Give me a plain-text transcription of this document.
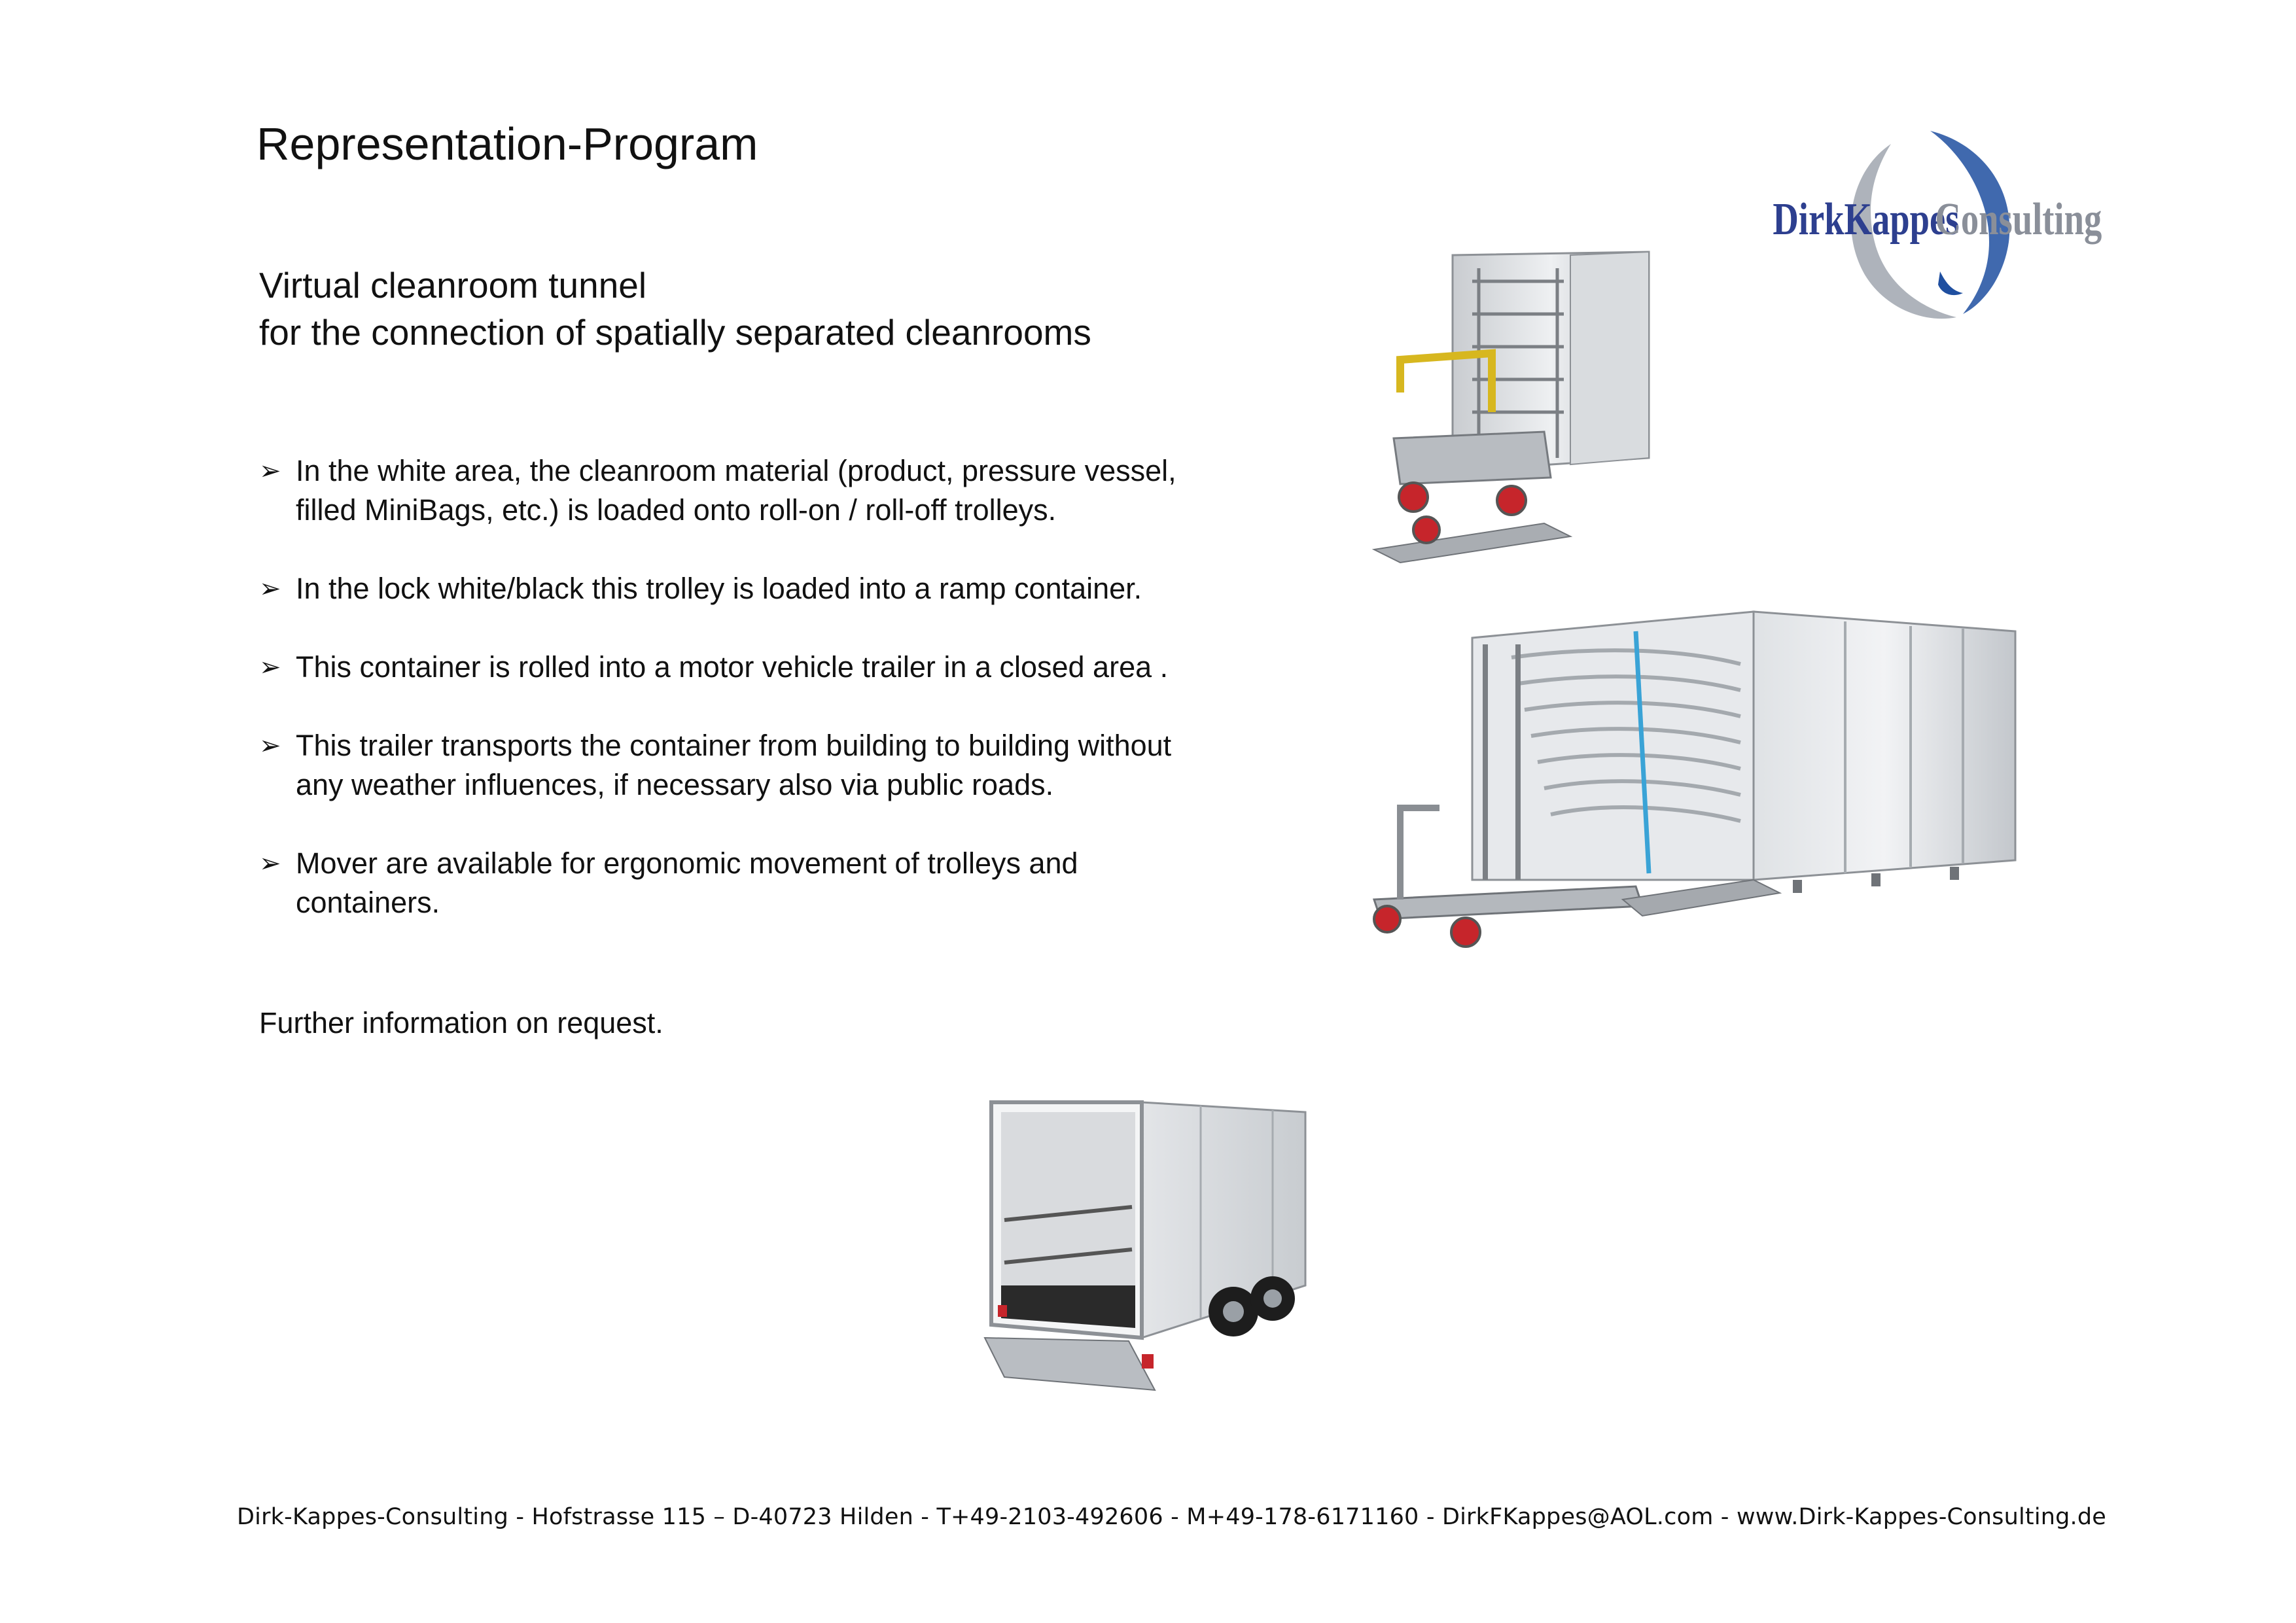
Representation-Program
DirkKappes
Consulting
Virtual cleanroom tunnel
for the connection of spatially separated cleanrooms
➢ In the white area, the cleanroom material (product, pressure vessel,
filled MiniBags, etc.) is loaded onto roll-on / roll-off trolleys.
➢ In the lock white/black this trolley is loaded into a ramp container.
➢ This container is rolled into a motor vehicle trailer in a closed area .
➢ This trailer transports the container from building to building without
any weather influences, if necessary also via public roads.
➢ Mover are available for ergonomic movement of trolleys and
containers.

Further information on request.

Dirk-Kappes-Consulting - Hofstrasse 115 – D-40723 Hilden - T+49-2103-492606 - M+49-178-6171160 - DirkFKappes@AOL.com - www.Dirk-Kappes-Consulting.de
